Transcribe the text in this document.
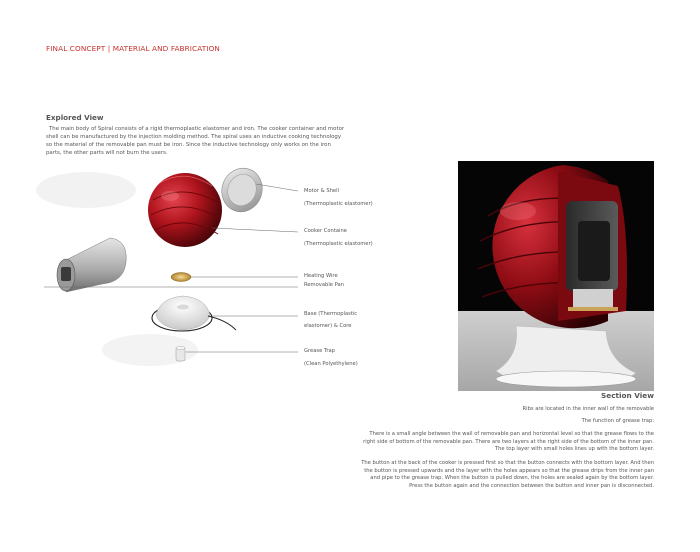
FINAL CONCEPT | MATERIAL AND FABRICATION
Explored View
The main body of Spiral consists of a rigid thermoplastic elastomer and iron. The cooker container and motor shell can be manufactured by the injection molding method. The spiral uses an inductive cooking technology so the material of the removable pan must be iron. Since the inductive technology only works on the iron parts, the other parts will not burn the users.
Motor & Shell
(Thermoplastic elastomer)
Cooker Containe
(Thermoplastic elastomer)
Heating Wire
Removable Pan
Base (Thermoplastic
elastomer) & Core
Grease Trap
(Clean Polyethylene)
Section View
Ribs are located in the inner wall of the removable
The function of grease trap:
There is a small angle between the wall of removable pan and horizontal level so that the grease flows to the right side of bottom of the removable pan. There are two layers at the right side of the bottom of the inner pan. The top layer with small holes lines up with the bottom layer.
The button at the back of the cooker is pressed first so that the button connects with the bottom layer. And then the button is pressed upwards and the layer with the holes appears so that the grease drips from the inner pan and pipe to the grease trap. When the button is pulled down, the holes are sealed again by the bottom layer. Press the button again and the connection between the button and inner pan is disconnected.
